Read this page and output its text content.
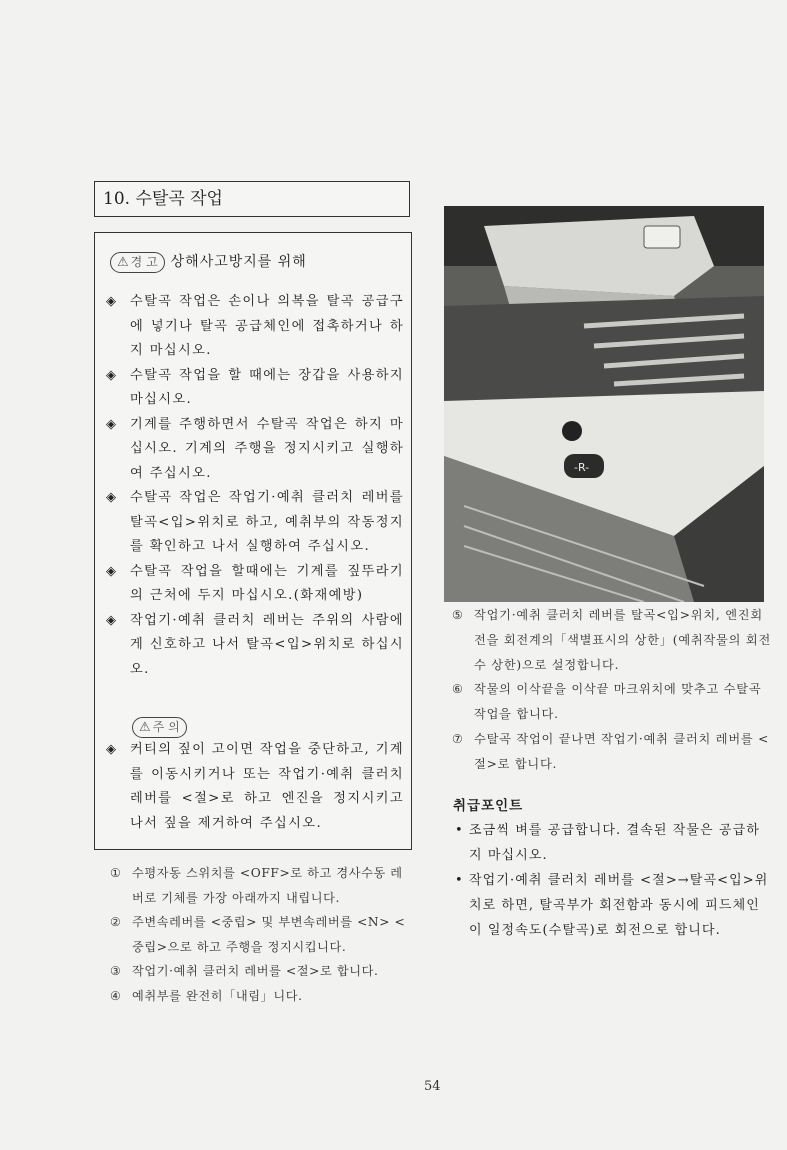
10. 수탈곡 작업
⚠ 경 고 상해사고방지를 위해
◈ 수탈곡 작업은 손이나 의복을 탈곡 공급구에 넣기나 탈곡 공급체인에 접촉하거나 하지 마십시오.
◈ 수탈곡 작업을 할 때에는 장갑을 사용하지 마십시오.
◈ 기계를 주행하면서 수탈곡 작업은 하지 마십시오. 기계의 주행을 정지시키고 실행하여 주십시오.
◈ 수탈곡 작업은 작업기·예취 클러치 레버를 탈곡<입>위치로 하고, 예취부의 작동정지를 확인하고 나서 실행하여 주십시오.
◈ 수탈곡 작업을 할때에는 기계를 짚뚜라기의 근처에 두지 마십시오.(화재예방)
◈ 작업기·예취 클러치 레버는 주위의 사람에게 신호하고 나서 탈곡<입>위치로 하십시오.
⚠ 주 의
◈ 커티의 짚이 고이면 작업을 중단하고, 기계를 이동시키거나 또는 작업기·예취 클러치 레버를 <절>로 하고 엔진을 정지시키고 나서 짚을 제거하여 주십시오.
① 수평자동 스위치를 <OFF>로 하고 경사수동 레버로 기체를 가장 아래까지 내립니다.
② 주변속레버를 <중립> 및 부변속레버를 <N> <중립>으로 하고 주행을 정지시킵니다.
③ 작업기·예취 클러치 레버를 <절>로 합니다.
④ 예취부를 완전히「내림」니다.
-R-
⑤ 작업기·예취 클러치 레버를 탈곡<입>위치, 엔진회전을 회전계의「색별표시의 상한」(예취작물의 회전수 상한)으로 설정합니다.
⑥ 작물의 이삭끝을 이삭끝 마크위치에 맞추고 수탈곡 작업을 합니다.
⑦ 수탈곡 작업이 끝나면 작업기·예취 클러치 레버를 <절>로 합니다.
취급포인트
• 조금씩 벼를 공급합니다. 결속된 작물은 공급하지 마십시오.
• 작업기·예취 클러치 레버를 <절>→탈곡<입>위치로 하면, 탈곡부가 회전함과 동시에 피드체인이 일정속도(수탈곡)로 회전으로 합니다.
54
